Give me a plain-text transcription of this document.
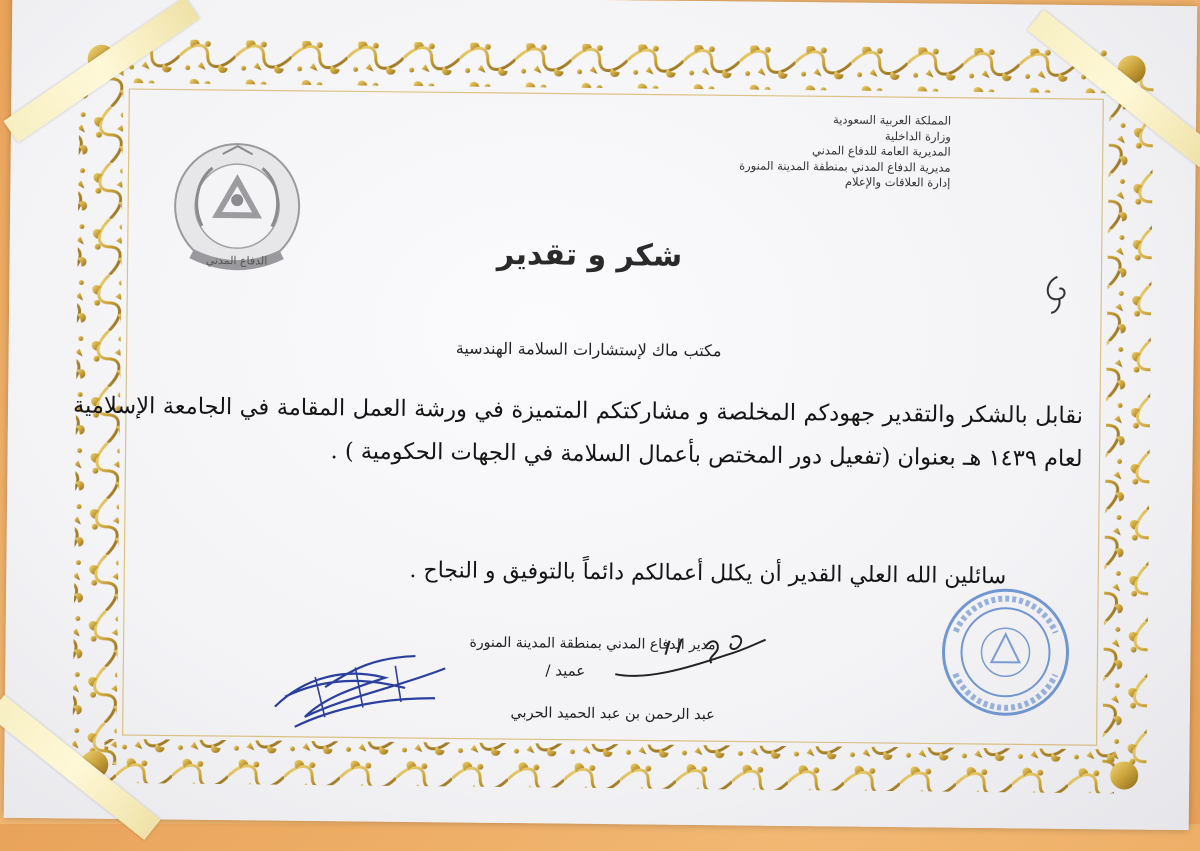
الدفاع المدني
المملكة العربية السعودية
وزارة الداخلية
المديرية العامة للدفاع المدني
مديرية الدفاع المدني بمنطقة المدينة المنورة
إدارة العلاقات والإعلام
شكر و تقدير
مكتب ماك لإستشارات السلامة الهندسية
نقابل بالشكر والتقدير جهودكم المخلصة و مشاركتكم المتميزة في ورشة العمل المقامة في الجامعة الإسلامية لعام ١٤٣٩ هـ بعنوان (تفعيل دور المختص بأعمال السلامة في الجهات الحكومية ) .
سائلين الله العلي القدير أن يكلل أعمالكم دائماً بالتوفيق و النجاح .
مدير الدفاع المدني بمنطقة المدينة المنورة
عميد /
عبد الرحمن بن عبد الحميد الحربي
